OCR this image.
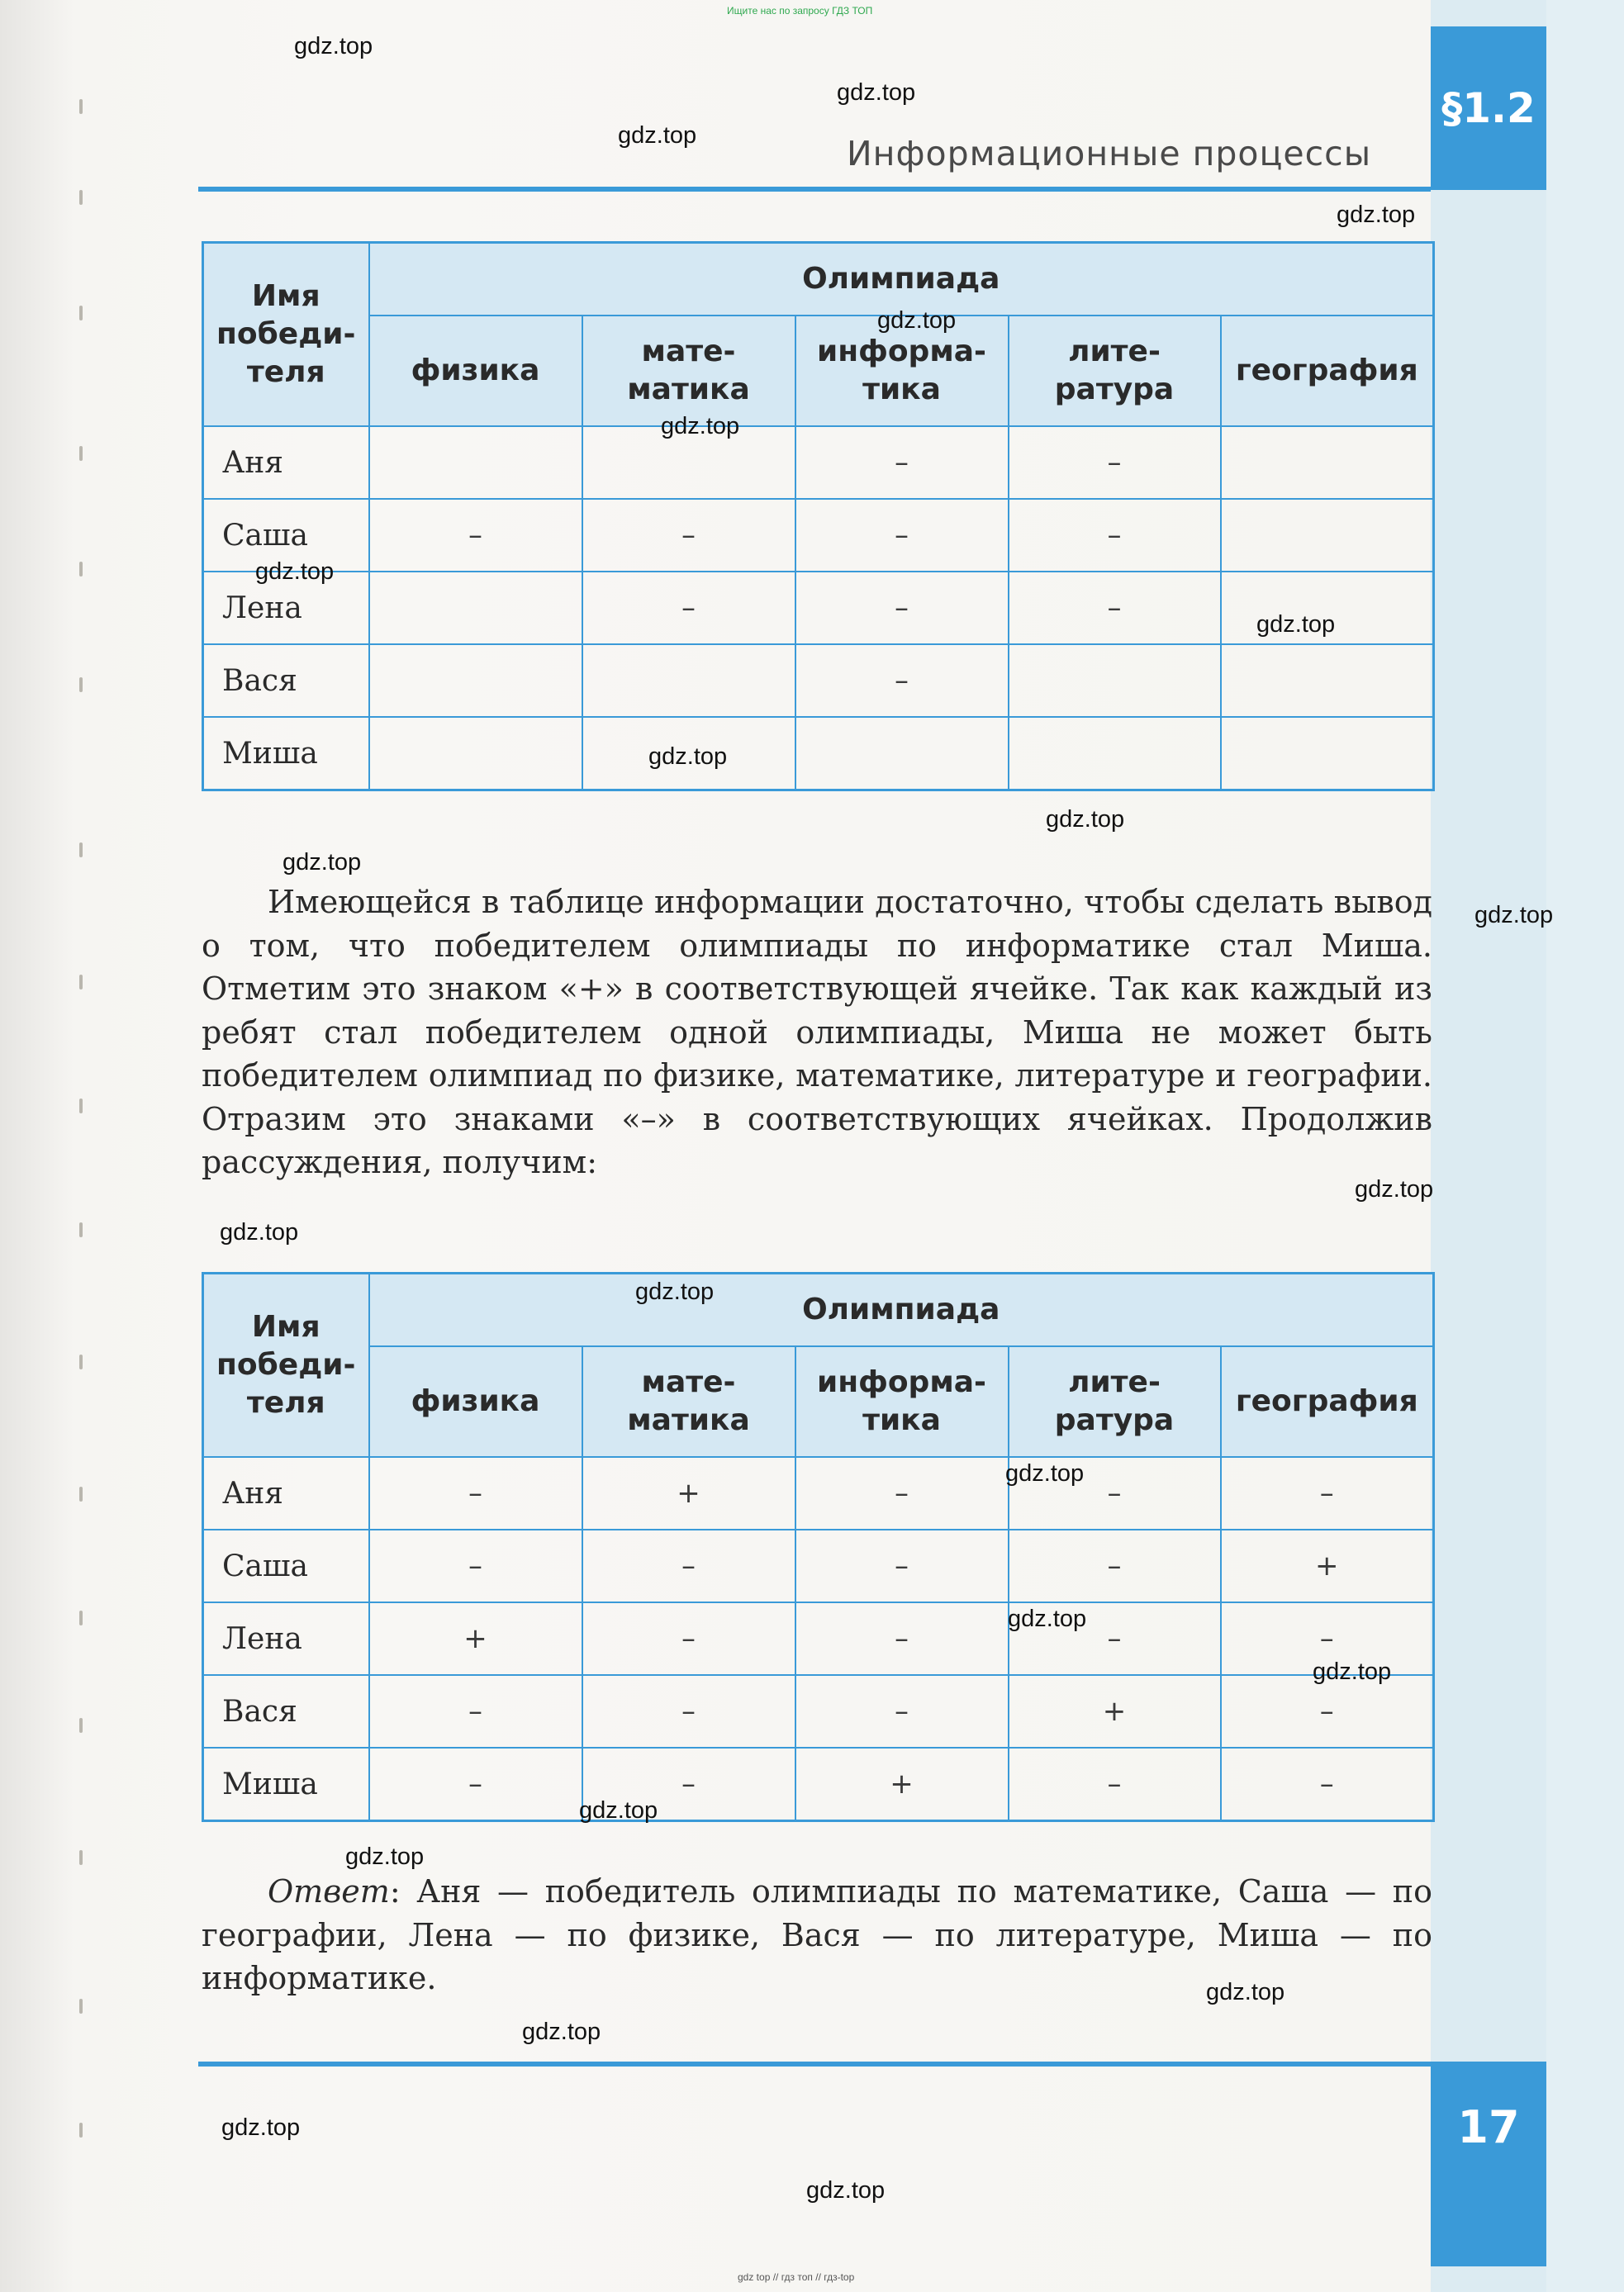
Ищите нас по запросу ГДЗ ТОП
Информационные процессы
§1.2
Имя победи-теля	Олимпиада				
	физика	мате-матика	информа-тика	лите-ратура	география
Аня			–	–	
Саша	–	–	–	–	
Лена		–	–	–	
Вася			–		
Миша					

Имеющейся в таблице информации достаточно, чтобы сделать вывод о том, что победителем олимпиады по информатике стал Миша. Отметим это знаком «+» в соответствующей ячейке. Так как каждый из ребят стал победителем одной олимпиады, Миша не может быть победителем олимпиад по физике, математике, литературе и географии. Отразим это знаками «–» в соответствующих ячейках. Продолжив рассуждения, получим:

Имя победи-теля	Олимпиада				
	физика	мате-матика	информа-тика	лите-ратура	география
Аня	–	+	–	–	–
Саша	–	–	–	–	+
Лена	+	–	–	–	–
Вася	–	–	–	+	–
Миша	–	–	+	–	–

Ответ: Аня — победитель олимпиады по математике, Саша — по географии, Лена — по физике, Вася — по литературе, Миша — по информатике.

17
gdz top // гдз топ // гдз-top
gdz.top
gdz.top
gdz.top
gdz.top
gdz.top
gdz.top
gdz.top
gdz.top
gdz.top
gdz.top
gdz.top
gdz.top
gdz.top
gdz.top
gdz.top
gdz.top
gdz.top
gdz.top
gdz.top
gdz.top
gdz.top
gdz.top
gdz.top
gdz.top
